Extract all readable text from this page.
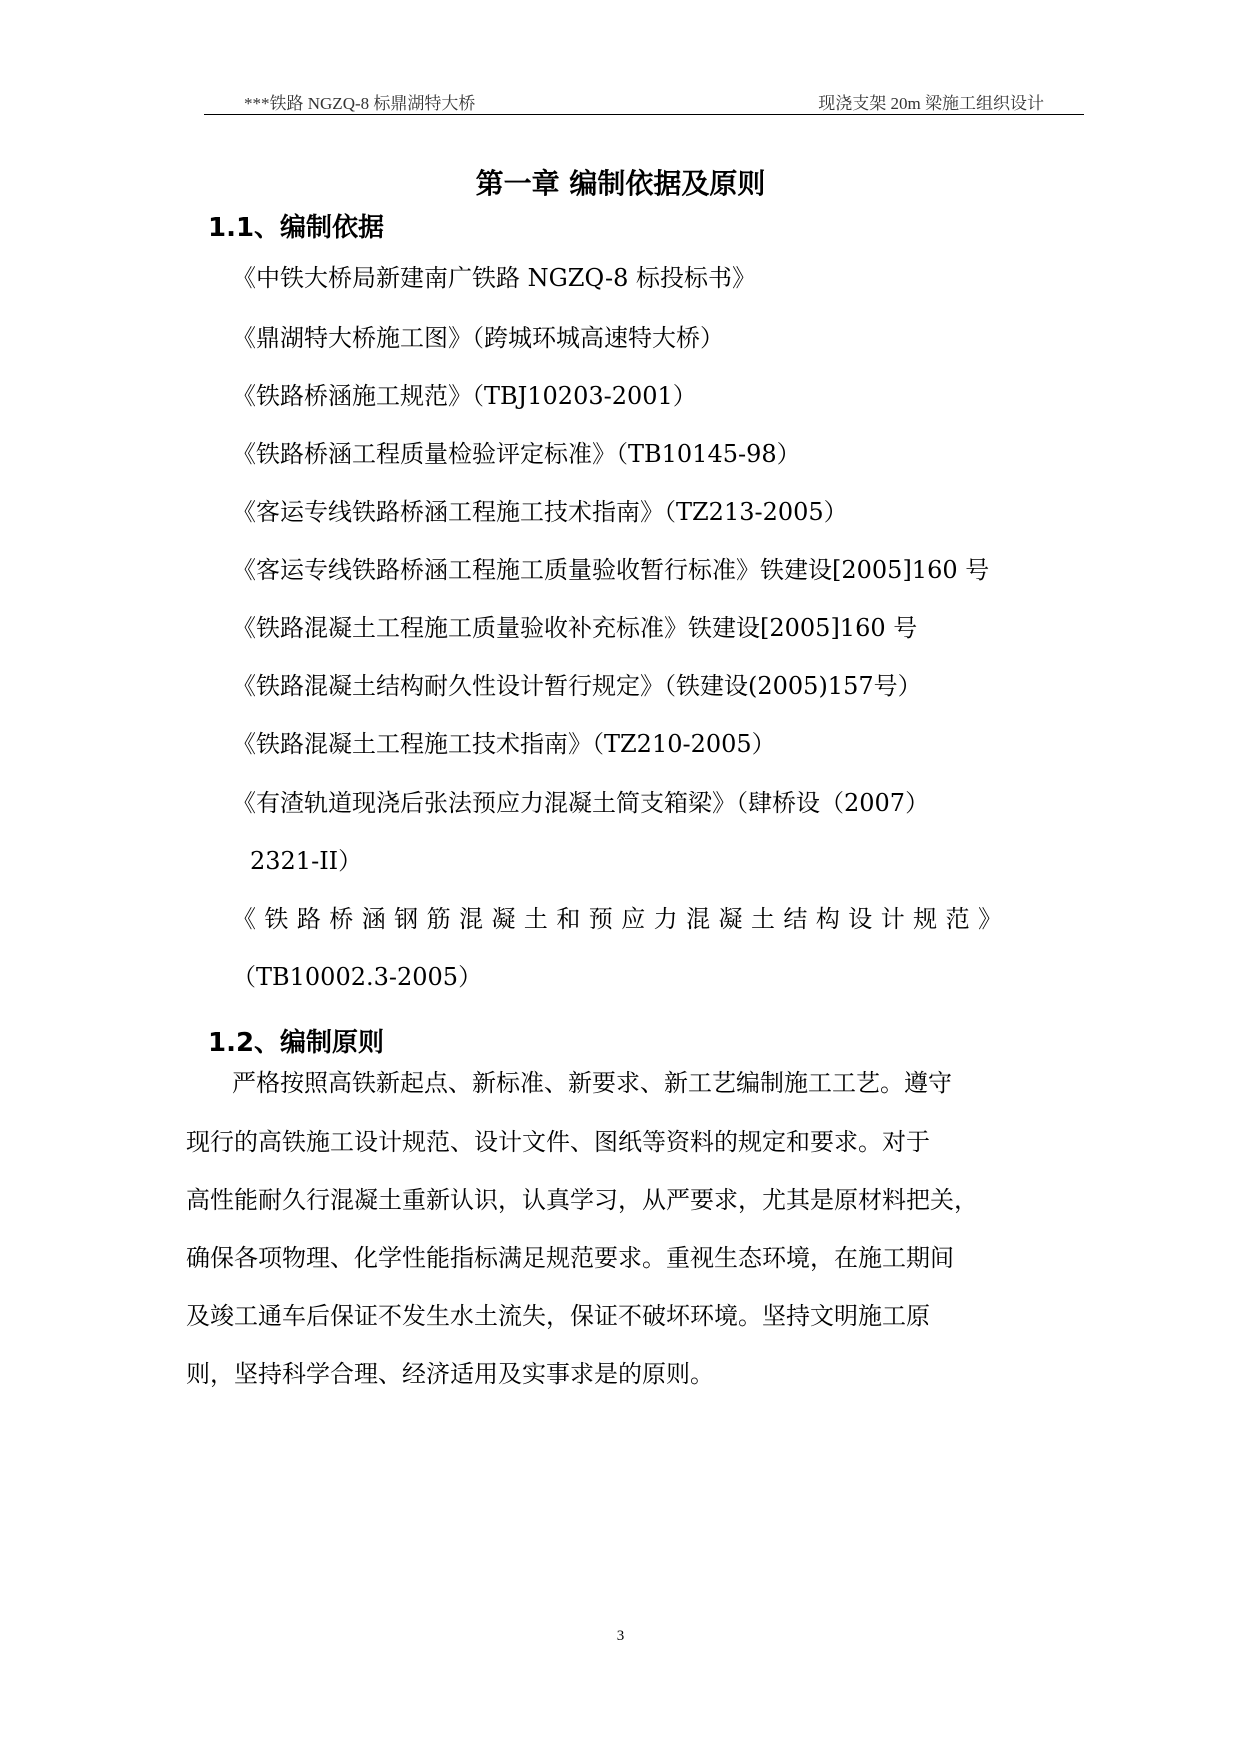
***铁路 NGZQ-8 标鼎湖特大桥	现浇支架 20m 梁施工组织设计
第一章 编制依据及原则
1.1、编制依据
《中铁大桥局新建南广铁路 NGZQ-8 标投标书》
《鼎湖特大桥施工图》（跨城环城高速特大桥）
《铁路桥涵施工规范》（TBJ10203-2001）
《铁路桥涵工程质量检验评定标准》（TB10145-98）
《客运专线铁路桥涵工程施工技术指南》（TZ213-2005）
《客运专线铁路桥涵工程施工质量验收暂行标准》铁建设[2005]160 号
《铁路混凝土工程施工质量验收补充标准》铁建设[2005]160 号
《铁路混凝土结构耐久性设计暂行规定》（铁建设(2005)157号）
《铁路混凝土工程施工技术指南》（TZ210-2005）
《有渣轨道现浇后张法预应力混凝土简支箱梁》（肆桥设（2007）
2321-II）
《铁路桥涵钢筋混凝土和预应力混凝土结构设计规范》
（TB10002.3-2005）
1.2、编制原则
严格按照高铁新起点、新标准、新要求、新工艺编制施工工艺。遵守
现行的高铁施工设计规范、设计文件、图纸等资料的规定和要求。对于
高性能耐久行混凝土重新认识，认真学习，从严要求，尤其是原材料把关，
确保各项物理、化学性能指标满足规范要求。重视生态环境，在施工期间
及竣工通车后保证不发生水土流失，保证不破坏环境。坚持文明施工原
则，坚持科学合理、经济适用及实事求是的原则。
3
